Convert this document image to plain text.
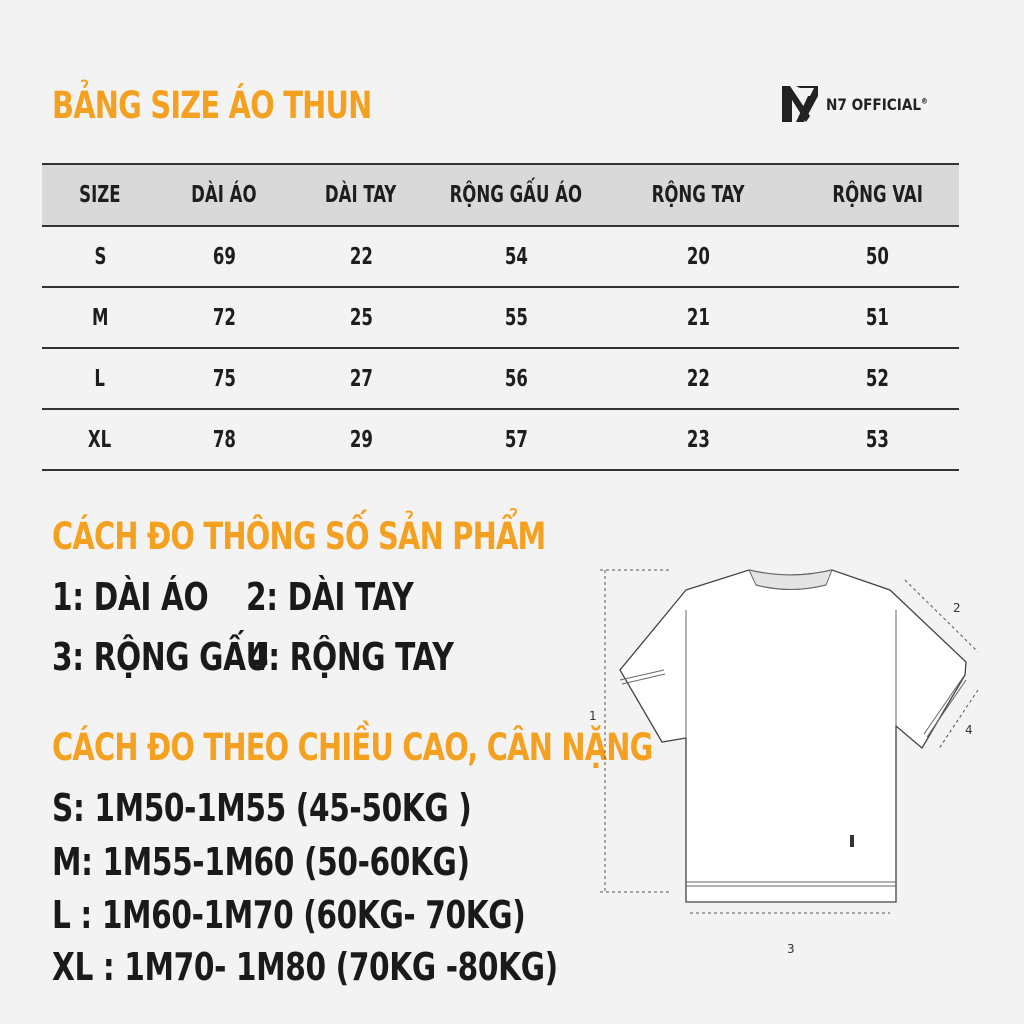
BẢNG SIZE ÁO THUN	N7 OFFICIAL®
SIZE	DÀI ÁO	DÀI TAY	RỘNG GẤU ÁO	RỘNG TAY	RỘNG VAI
S	69	22	54	20	50
M	72	25	55	21	51
L	75	27	56	22	52
XL	78	29	57	23	53
CÁCH ĐO THÔNG SỐ SẢN PHẨM
1: DÀI ÁO 2: DÀI TAY
3: RỘNG GẤU
4: RỘNG TAY
CÁCH ĐO THEO CHIỀU CAO, CÂN NẶNG
S: 1M50-1M55 (45-50KG )
M: 1M55-1M60 (50-60KG)
L : 1M60-1M70 (60KG- 70KG)
XL : 1M70- 1M80 (70KG -80KG)
1
2
3
4
